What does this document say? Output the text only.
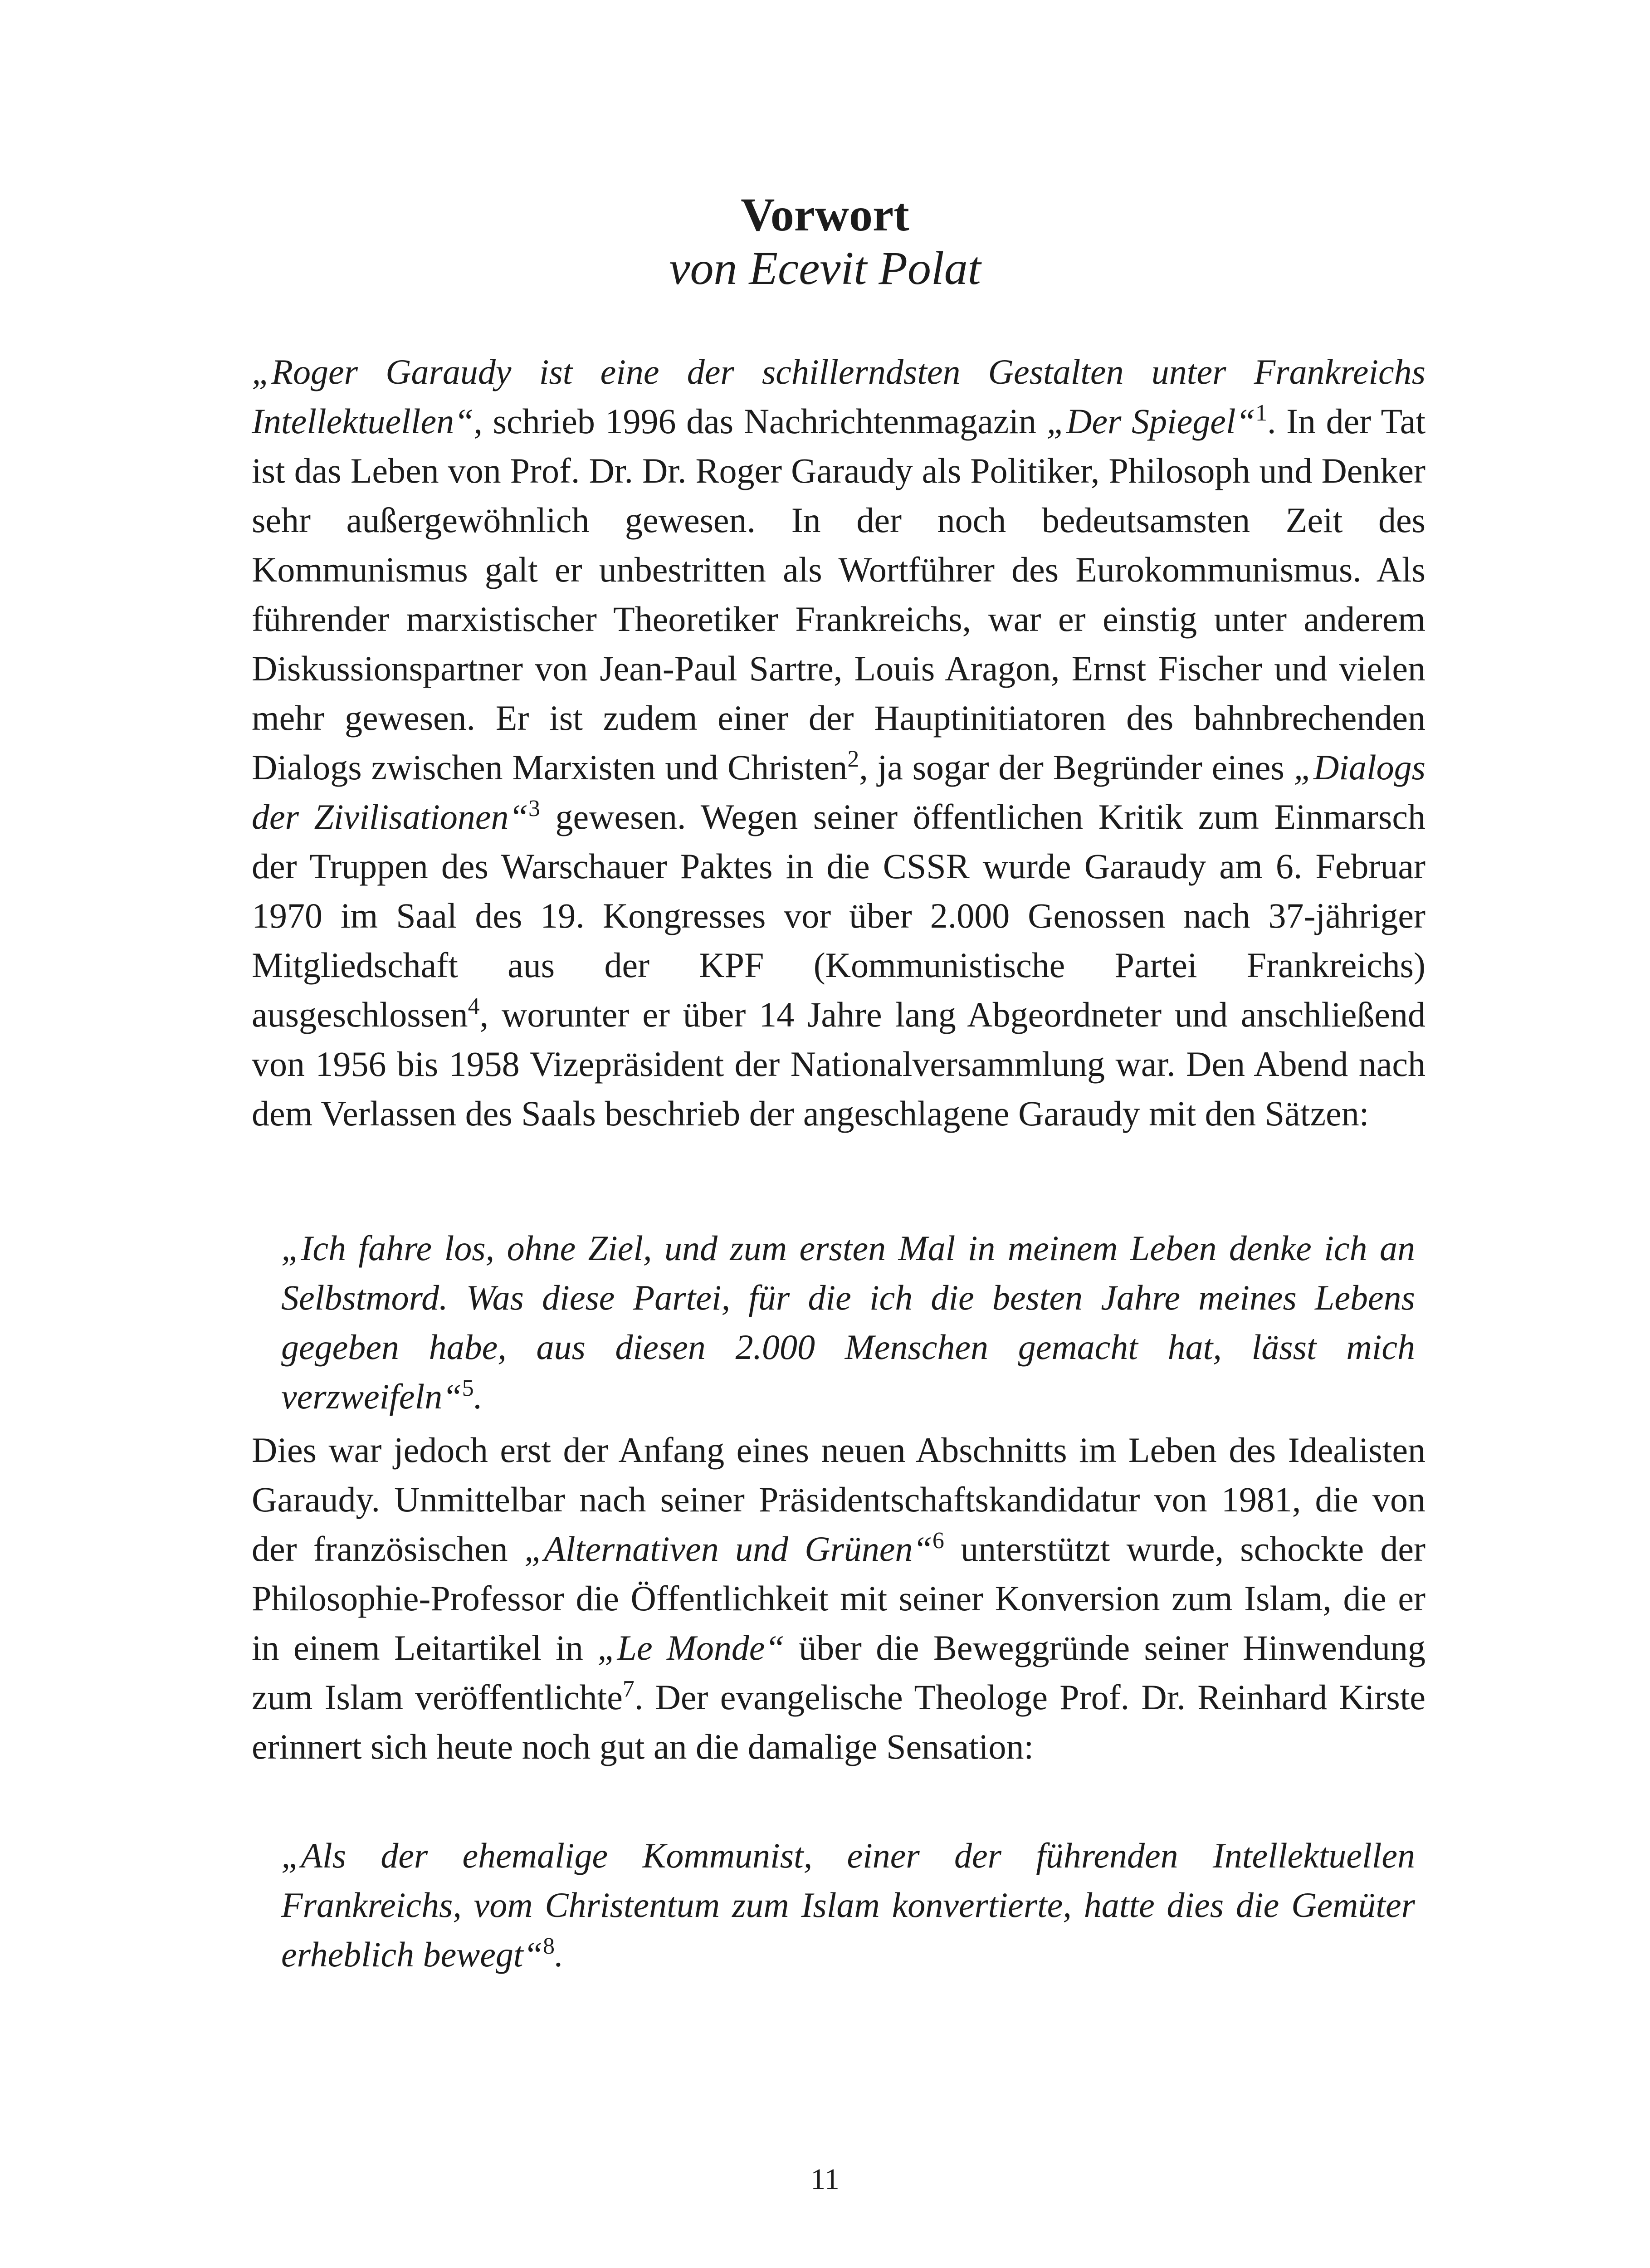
Vorwort
von Ecevit Polat

„Roger Garaudy ist eine der schillerndsten Gestalten unter Frankreichs Intellektuellen“, schrieb 1996 das Nachrichtenmagazin „Der Spiegel“$^1$. In der Tat ist das Leben von Prof. Dr. Dr. Roger Garaudy als Politiker, Philosoph und Denker sehr außergewöhnlich gewesen. In der noch bedeutsamsten Zeit des Kommunismus galt er unbestritten als Wortführer des Eurokommunismus. Als führender marxistischer Theoretiker Frankreichs, war er einstig unter anderem Diskussionspartner von Jean-Paul Sartre, Louis Aragon, Ernst Fischer und vielen mehr gewesen. Er ist zudem einer der Hauptinitiatoren des bahnbrechenden Dialogs zwischen Marxisten und Christen$^2$, ja sogar der Begründer eines „Dialogs der Zivilisationen“$^3$ gewesen. Wegen seiner öffentlichen Kritik zum Einmarsch der Truppen des Warschauer Paktes in die CSSR wurde Garaudy am 6. Februar 1970 im Saal des 19. Kongresses vor über 2.000 Genossen nach 37-jähriger Mitgliedschaft aus der KPF (Kommunistische Partei Frankreichs) ausgeschlossen$^4$, worunter er über 14 Jahre lang Abgeordneter und anschließend von 1956 bis 1958 Vizepräsident der Nationalversammlung war. Den Abend nach dem Verlassen des Saals beschrieb der angeschlagene Garaudy mit den Sätzen:

„Ich fahre los, ohne Ziel, und zum ersten Mal in meinem Leben denke ich an Selbstmord. Was diese Partei, für die ich die besten Jahre meines Lebens gegeben habe, aus diesen 2.000 Menschen gemacht hat, lässt mich verzweifeln“$^5$.

Dies war jedoch erst der Anfang eines neuen Abschnitts im Leben des Idealisten Garaudy. Unmittelbar nach seiner Präsidentschaftskandidatur von 1981, die von der französischen „Alternativen und Grünen“$^6$ unterstützt wurde, schockte der Philosophie-Professor die Öffentlichkeit mit seiner Konversion zum Islam, die er in einem Leitartikel in „Le Monde“ über die Beweggründe seiner Hinwendung zum Islam veröffentlichte$^7$. Der evangelische Theologe Prof. Dr. Reinhard Kirste erinnert sich heute noch gut an die damalige Sensation:

„Als der ehemalige Kommunist, einer der führenden Intellektuellen Frankreichs, vom Christentum zum Islam konvertierte, hatte dies die Gemüter erheblich bewegt“$^8$.

11
